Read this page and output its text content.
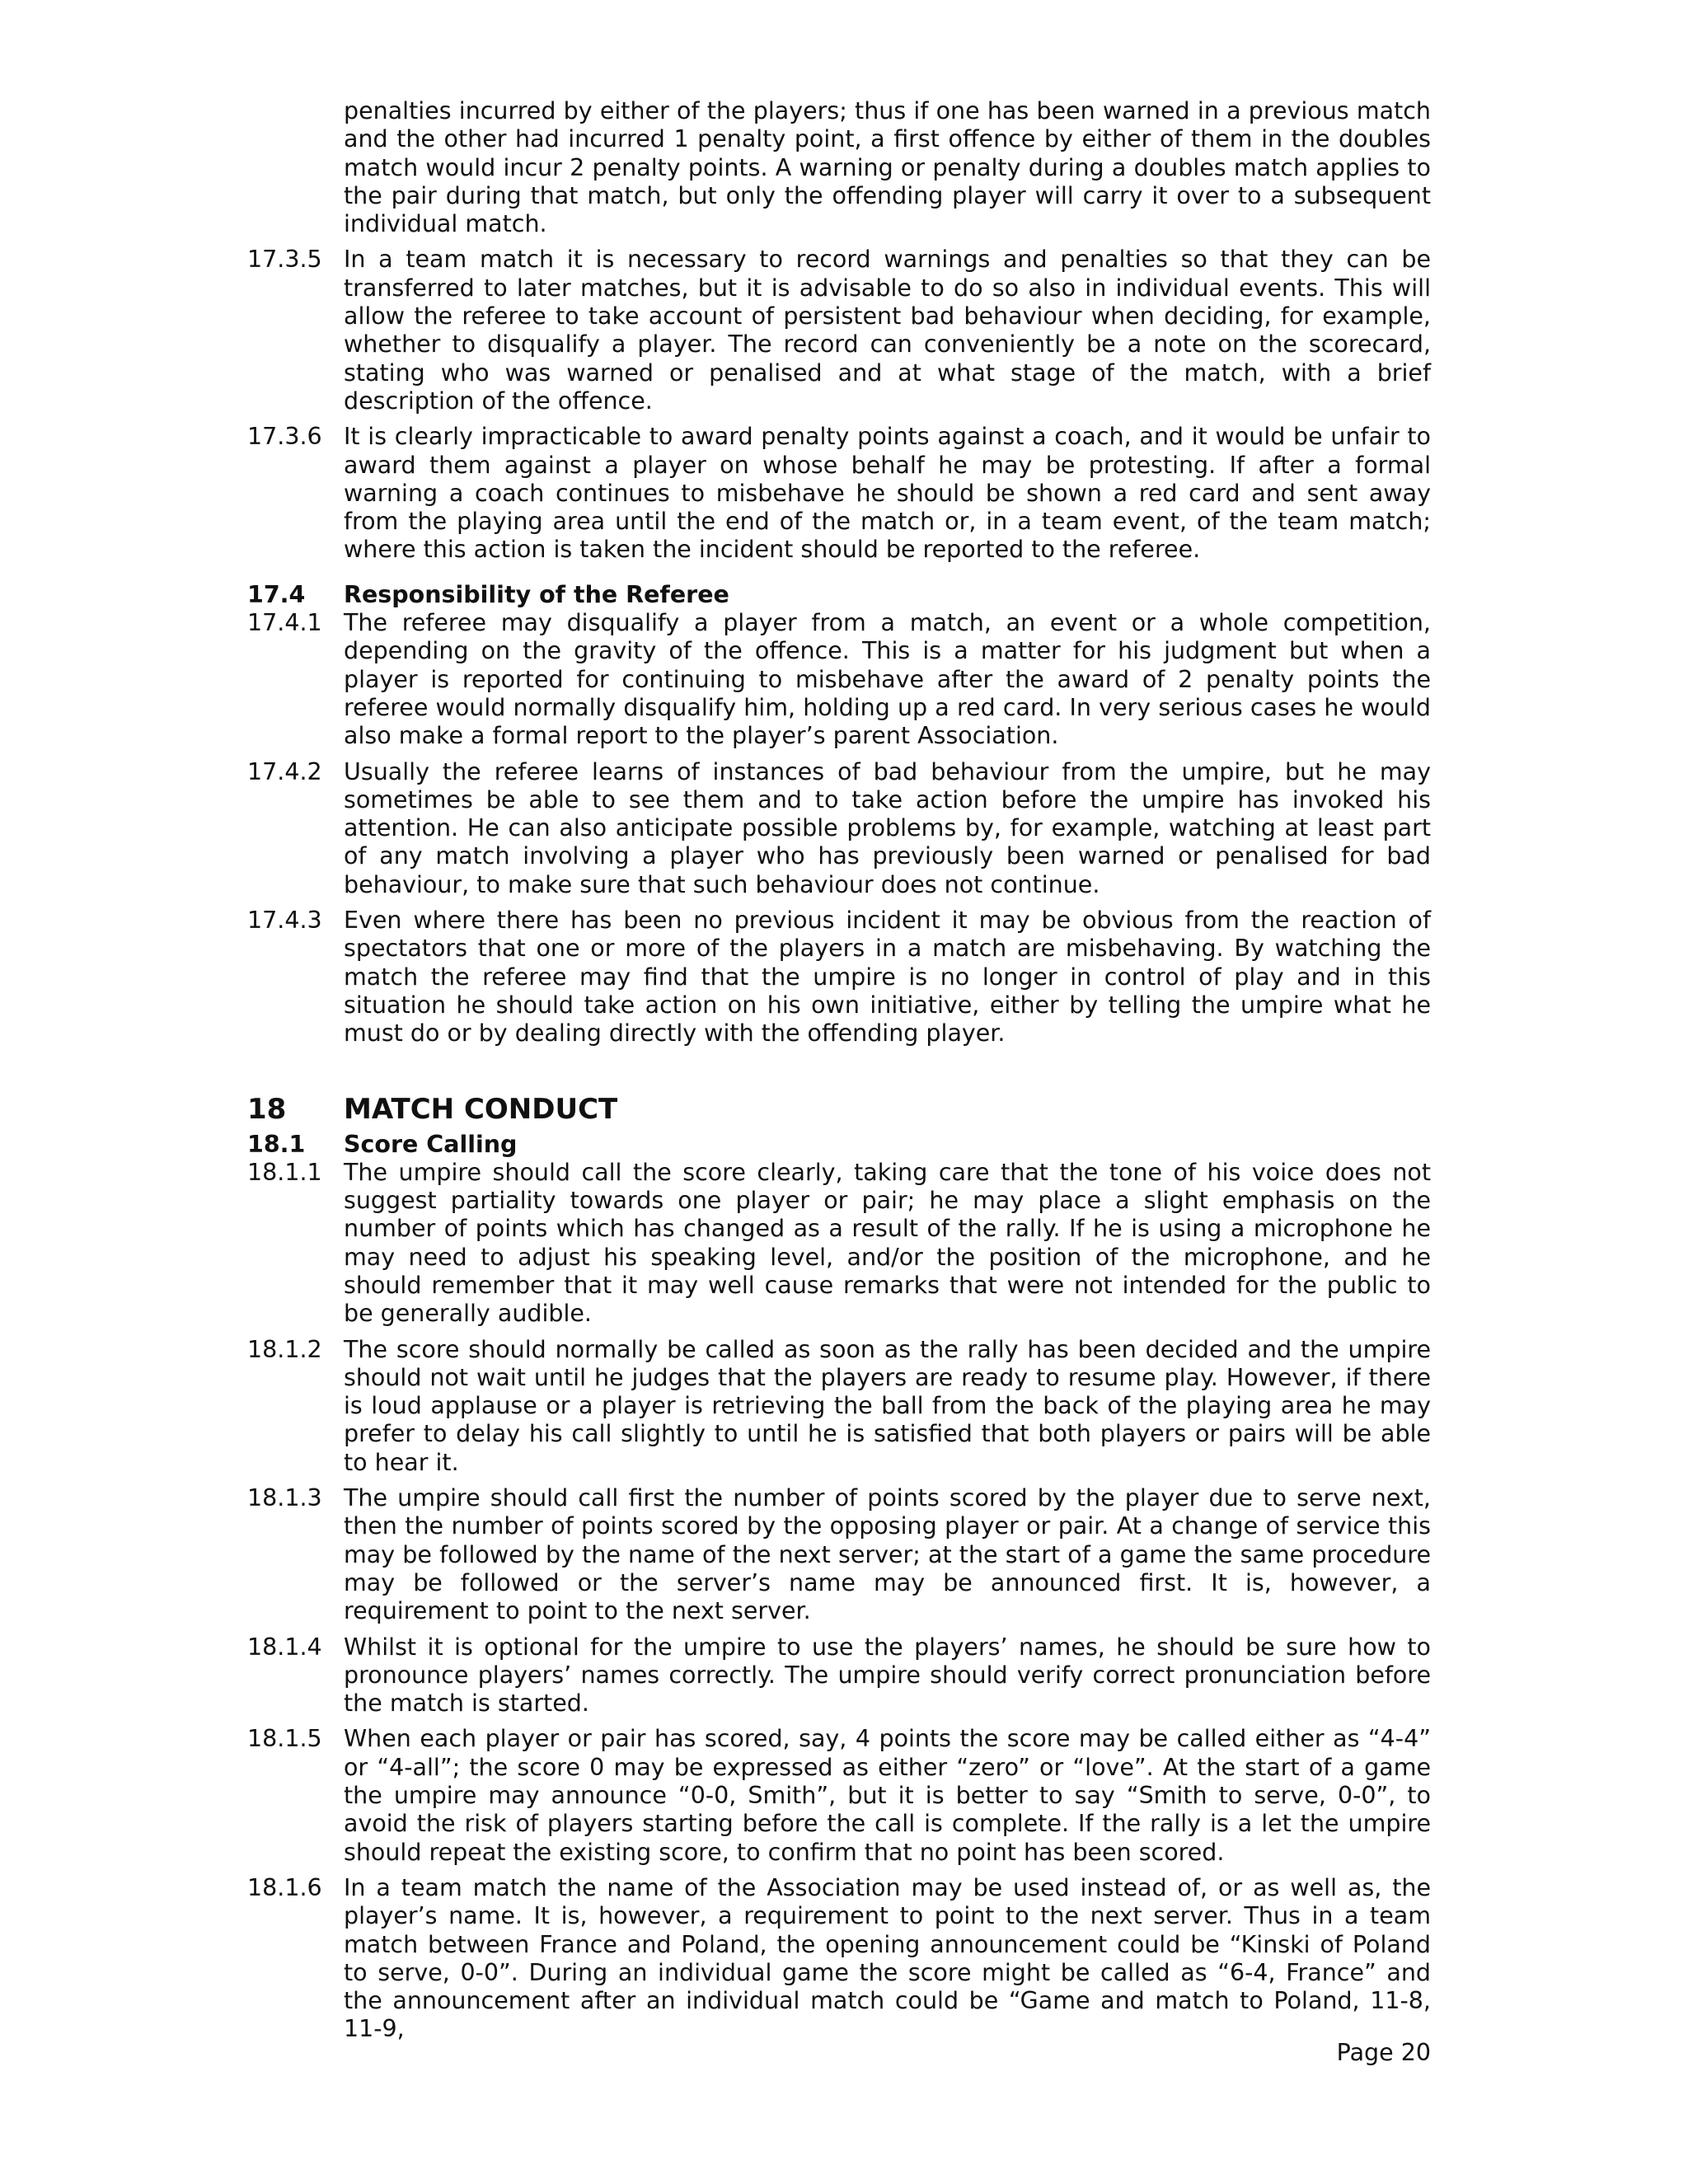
penalties incurred by either of the players; thus if one has been warned in a previous match and the other had incurred 1 penalty point, a first offence by either of them in the doubles match would incur 2 penalty points. A warning or penalty during a doubles match applies to the pair during that match, but only the offending player will carry it over to a subsequent individual match.
17.3.5 In a team match it is necessary to record warnings and penalties so that they can be transferred to later matches, but it is advisable to do so also in individual events. This will allow the referee to take account of persistent bad behaviour when deciding, for example, whether to disqualify a player. The record can conveniently be a note on the scorecard, stating who was warned or penalised and at what stage of the match, with a brief description of the offence.
17.3.6 It is clearly impracticable to award penalty points against a coach, and it would be unfair to award them against a player on whose behalf he may be protesting. If after a formal warning a coach continues to misbehave he should be shown a red card and sent away from the playing area until the end of the match or, in a team event, of the team match; where this action is taken the incident should be reported to the referee.
17.4	Responsibility of the Referee
17.4.1 The referee may disqualify a player from a match, an event or a whole competition, depending on the gravity of the offence. This is a matter for his judgment but when a player is reported for continuing to misbehave after the award of 2 penalty points the referee would normally disqualify him, holding up a red card. In very serious cases he would also make a formal report to the player’s parent Association.
17.4.2 Usually the referee learns of instances of bad behaviour from the umpire, but he may sometimes be able to see them and to take action before the umpire has invoked his attention. He can also anticipate possible problems by, for example, watching at least part of any match involving a player who has previously been warned or penalised for bad behaviour, to make sure that such behaviour does not continue.
17.4.3 Even where there has been no previous incident it may be obvious from the reaction of spectators that one or more of the players in a match are misbehaving. By watching the match the referee may find that the umpire is no longer in control of play and in this situation he should take action on his own initiative, either by telling the umpire what he must do or by dealing directly with the offending player.
18	MATCH CONDUCT
18.1	Score Calling
18.1.1 The umpire should call the score clearly, taking care that the tone of his voice does not suggest partiality towards one player or pair; he may place a slight emphasis on the number of points which has changed as a result of the rally. If he is using a microphone he may need to adjust his speaking level, and/or the position of the microphone, and he should remember that it may well cause remarks that were not intended for the public to be generally audible.
18.1.2 The score should normally be called as soon as the rally has been decided and the umpire should not wait until he judges that the players are ready to resume play. However, if there is loud applause or a player is retrieving the ball from the back of the playing area he may prefer to delay his call slightly to until he is satisfied that both players or pairs will be able to hear it.
18.1.3 The umpire should call first the number of points scored by the player due to serve next, then the number of points scored by the opposing player or pair. At a change of service this may be followed by the name of the next server; at the start of a game the same procedure may be followed or the server’s name may be announced first. It is, however, a requirement to point to the next server.
18.1.4 Whilst it is optional for the umpire to use the players’ names, he should be sure how to pronounce players’ names correctly. The umpire should verify correct pronunciation before the match is started.
18.1.5 When each player or pair has scored, say, 4 points the score may be called either as “4-4” or “4-all”; the score 0 may be expressed as either “zero” or “love”. At the start of a game the umpire may announce “0-0, Smith”, but it is better to say “Smith to serve, 0-0”, to avoid the risk of players starting before the call is complete. If the rally is a let the umpire should repeat the existing score, to confirm that no point has been scored.
18.1.6 In a team match the name of the Association may be used instead of, or as well as, the player’s name. It is, however, a requirement to point to the next server. Thus in a team match between France and Poland, the opening announcement could be “Kinski of Poland to serve, 0-0”. During an individual game the score might be called as “6-4, France” and the announcement after an individual match could be “Game and match to Poland, 11-8, 11-9,
Page 20
